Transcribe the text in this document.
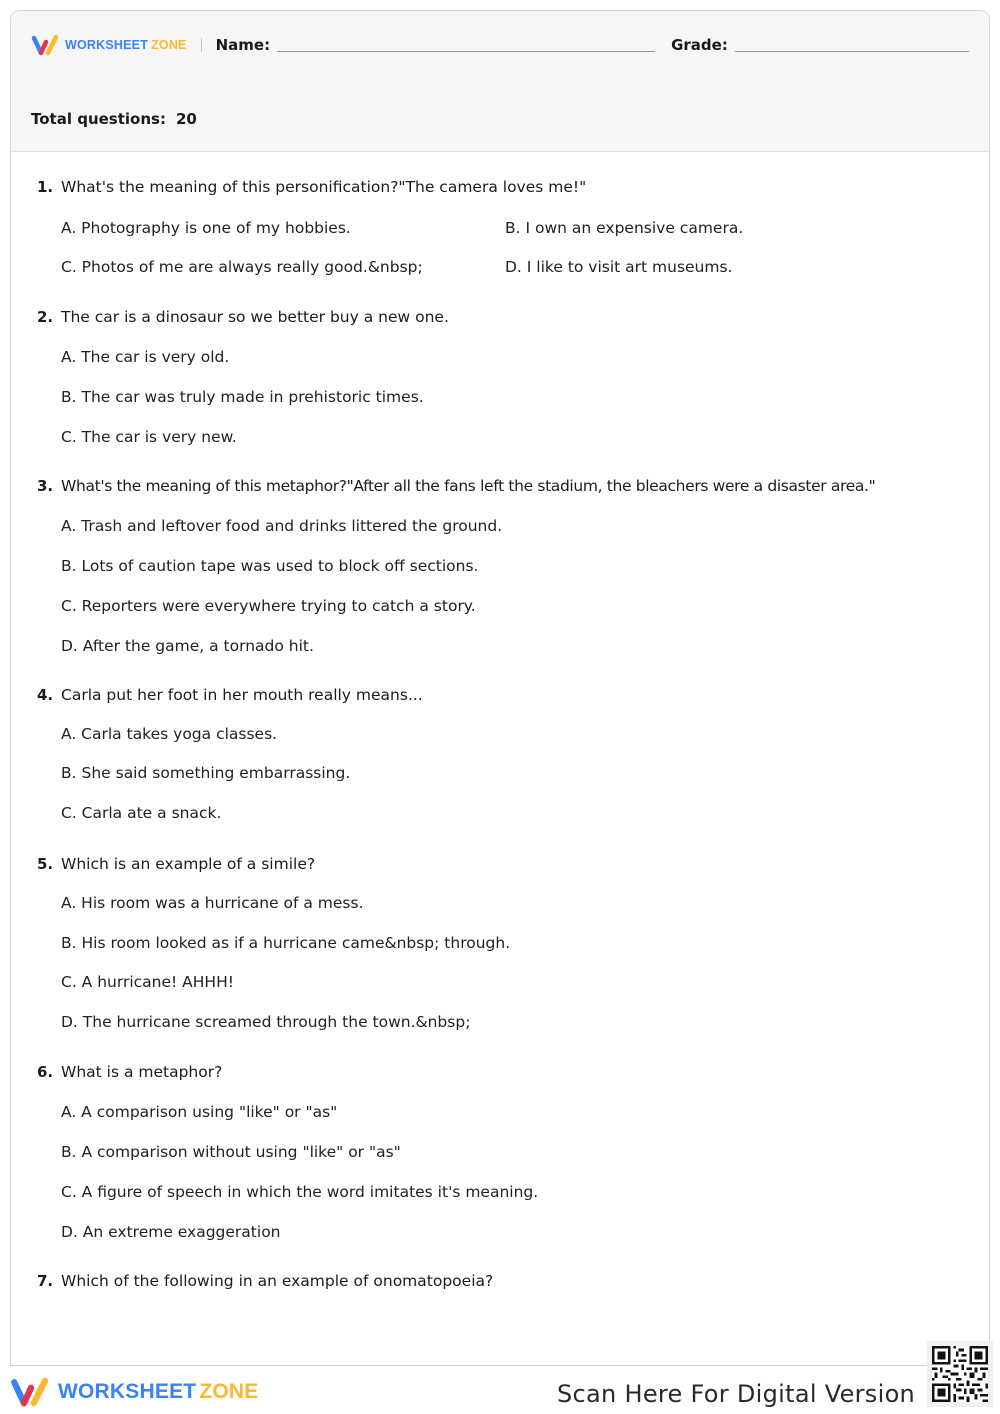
WORKSHEET ZONE Name:	Grade:
Total questions: 20
1. What's the meaning of this personification?"The camera loves me!"
A. Photography is one of my hobbies.	B. I own an expensive camera.
C. Photos of me are always really good.&nbsp;	D. I like to visit art museums.
2. The car is a dinosaur so we better buy a new one.
A. The car is very old.
B. The car was truly made in prehistoric times.
C. The car is very new.
3. What's the meaning of this metaphor?"After all the fans left the stadium, the bleachers were a disaster area."
A. Trash and leftover food and drinks littered the ground.
B. Lots of caution tape was used to block off sections.
C. Reporters were everywhere trying to catch a story.
D. After the game, a tornado hit.
4. Carla put her foot in her mouth really means...
A. Carla takes yoga classes.
B. She said something embarrassing.
C. Carla ate a snack.
5. Which is an example of a simile?
A. His room was a hurricane of a mess.
B. His room looked as if a hurricane came&nbsp; through.
C. A hurricane! AHHH!
D. The hurricane screamed through the town.&nbsp;
6. What is a metaphor?
A. A comparison using "like" or "as"
B. A comparison without using "like" or "as"
C. A figure of speech in which the word imitates it's meaning.
D. An extreme exaggeration
7. Which of the following in an example of onomatopoeia?
WORKSHEET ZONE	Scan Here For Digital Version
